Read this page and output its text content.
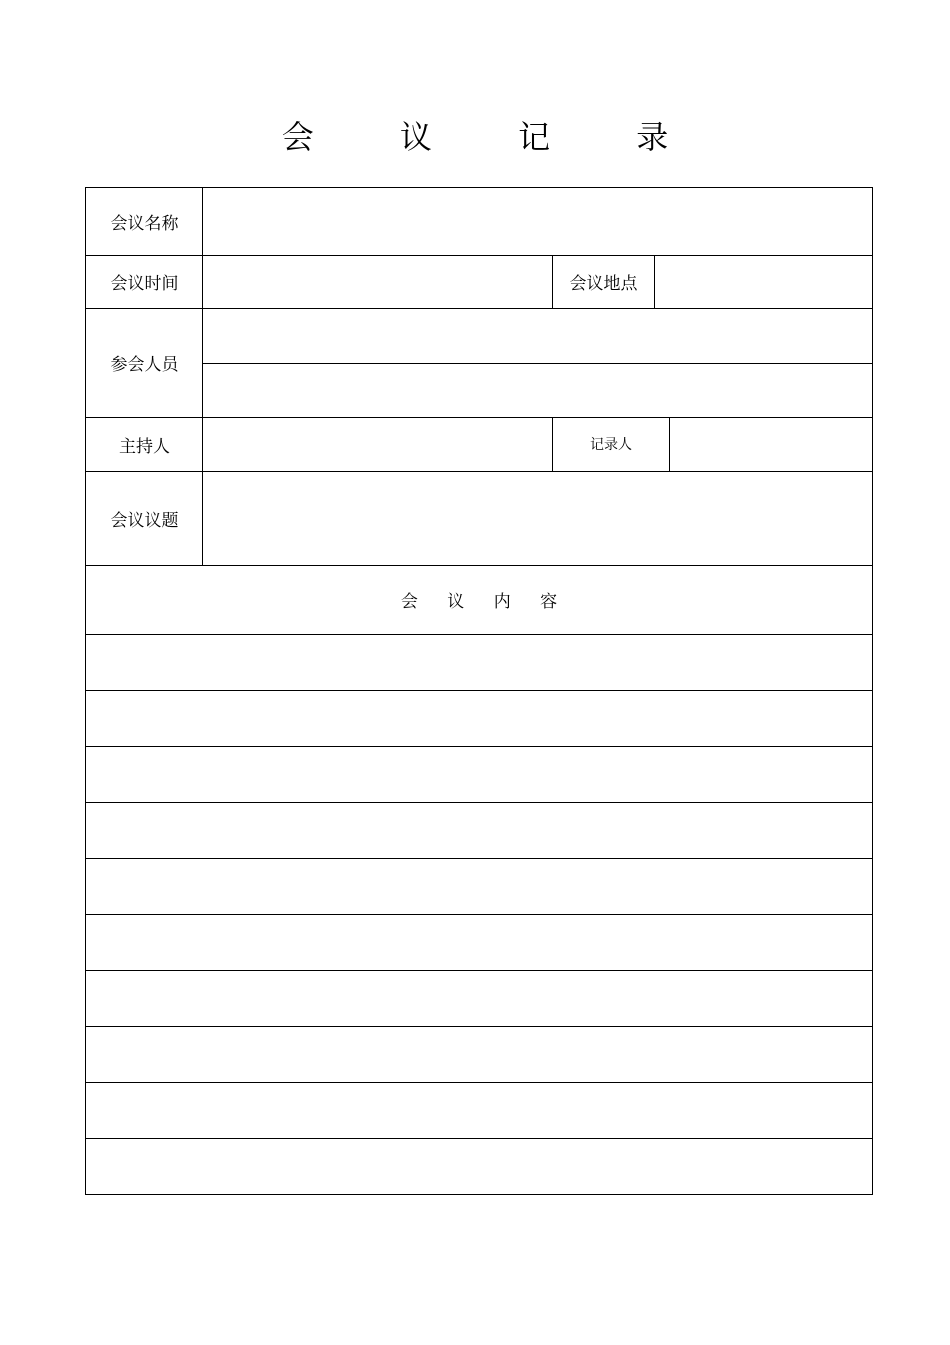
会 议 记 录
会议名称
会议时间	会议地点
参会人员
主持人	记录人
会议议题
会 议 内 容
